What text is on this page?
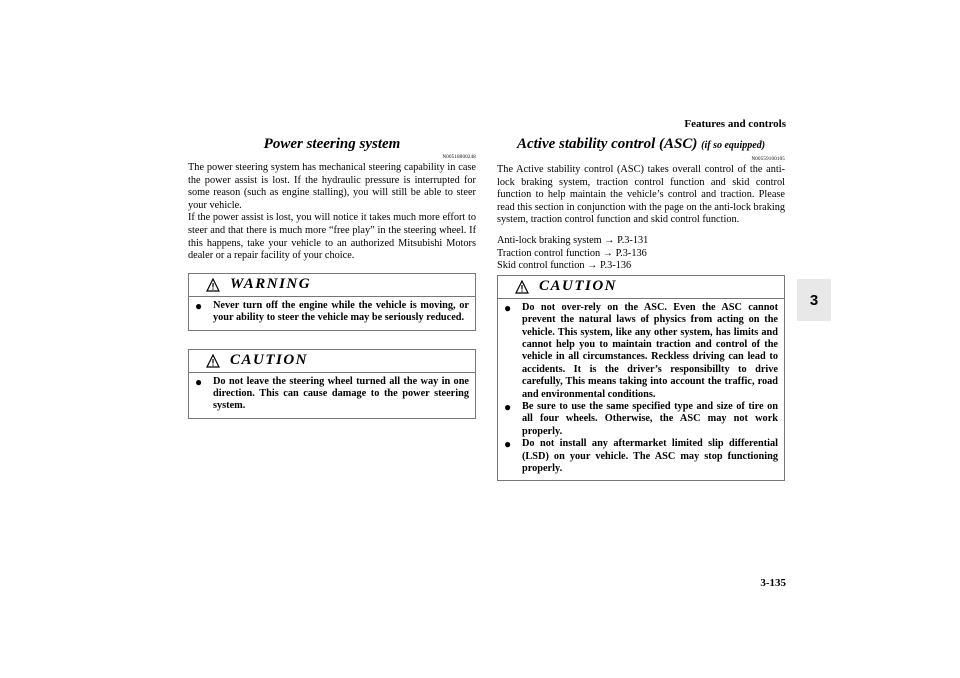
Features and controls
3
3-135
Power steering system
N00518000248

The power steering system has mechanical steering capability in case the power assist is lost. If the hydraulic pressure is interrupted for some reason (such as engine stalling), you will still be able to steer your vehicle.

If the power assist is lost, you will notice it takes much more effort to steer and that there is much more “free play” in the steering wheel. If this happens, take your vehicle to an authorized Mitsubishi Motors dealer or a repair facility of your choice.

WARNING
●	Never turn off the engine while the vehicle is moving, or your ability to steer the vehicle may be seriously reduced.
CAUTION
●	Do not leave the steering wheel turned all the way in one direction. This can cause damage to the power steering system.
Active stability control (ASC) (if so equipped)
N00559100105

The Active stability control (ASC) takes overall control of the anti-lock braking system, traction control function and skid control function to help maintain the vehicle’s control and traction. Please read this section in conjunction with the page on the anti-lock braking system, traction control function and skid control function.

Anti-lock braking system → P.3-131
Traction control function → P.3-136
Skid control function → P.3-136
CAUTION
●	Do not over-rely on the ASC. Even the ASC cannot prevent the natural laws of physics from acting on the vehicle. This system, like any other system, has limits and cannot help you to maintain traction and control of the vehicle in all circumstances. Reckless driving can lead to accidents. It is the driver’s responsibillty to drive carefully, This means taking into account the traffic, road and environmental conditions.
●	Be sure to use the same specified type and size of tire on all four wheels. Otherwise, the ASC may not work properly.
●	Do not install any aftermarket limited slip differential (LSD) on your vehicle. The ASC may stop functioning properly.
